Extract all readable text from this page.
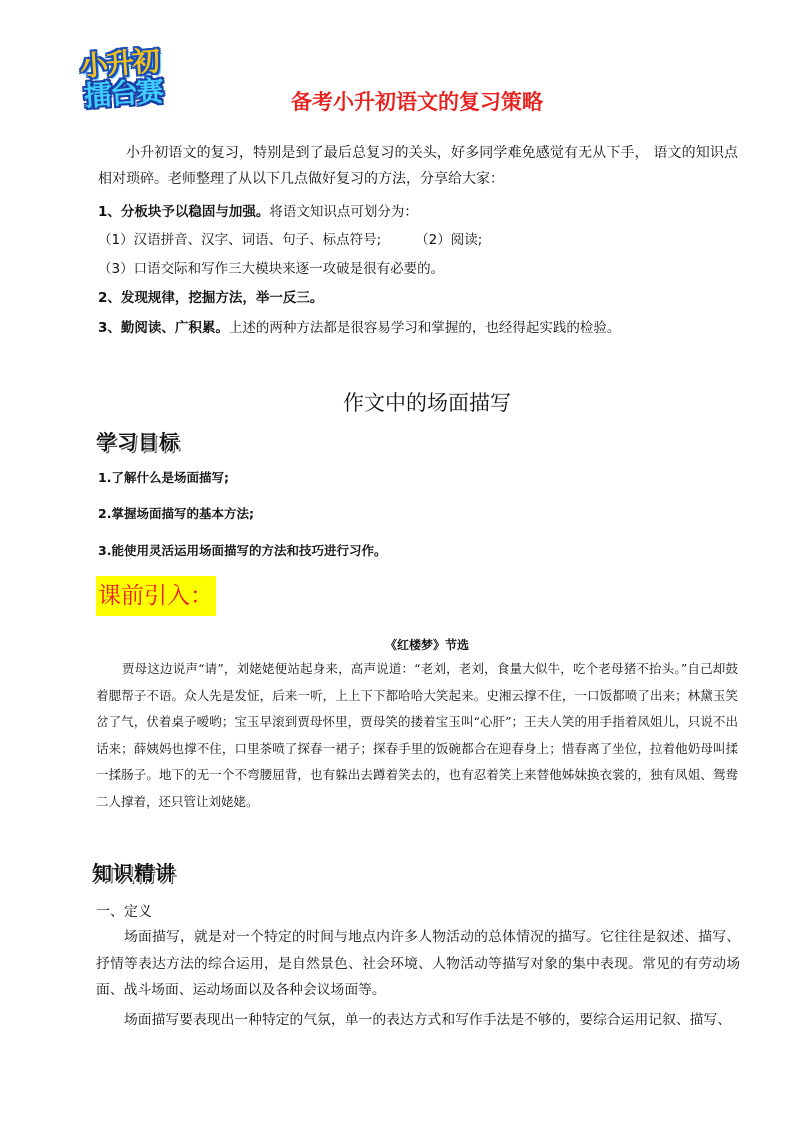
小升初
擂台赛	备考小升初语文的复习策略
小升初语文的复习，特别是到了最后总复习的关头，好多同学难免感觉有无从下手， 语文的知识点相对琐碎。老师整理了从以下几点做好复习的方法，分享给大家：
1、分板块予以稳固与加强。将语文知识点可划分为：
（1）汉语拼音、汉字、词语、句子、标点符号;	（2）阅读;
（3）口语交际和写作三大模块来逐一攻破是很有必要的。
2、发现规律，挖掘方法，举一反三。
3、勤阅读、广积累。上述的两种方法都是很容易学习和掌握的，也经得起实践的检验。
作文中的场面描写
学习目标
1.了解什么是场面描写;
2.掌握场面描写的基本方法;
3.能使用灵活运用场面描写的方法和技巧进行习作。
课前引入：
《红楼梦》节选
贾母这边说声“请”，刘姥姥便站起身来，高声说道：“老刘，老刘，食量大似牛，吃个老母猪不抬头。”自己却鼓着腮帮子不语。众人先是发怔，后来一听，上上下下都哈哈大笑起来。史湘云撑不住，一口饭都喷了出来；林黛玉笑岔了气，伏着桌子嗳哟；宝玉早滚到贾母怀里，贾母笑的搂着宝玉叫“心肝”；王夫人笑的用手指着凤姐儿，只说不出话来；薛姨妈也撑不住，口里茶喷了探春一裙子；探春手里的饭碗都合在迎春身上；惜春离了坐位，拉着他奶母叫揉一揉肠子。地下的无一个不弯腰屈背，也有躲出去蹲着笑去的，也有忍着笑上来替他姊妹换衣裳的，独有凤姐、鸳鸯二人撑着，还只管让刘姥姥。
知识精讲
一、定义
场面描写，就是对一个特定的时间与地点内许多人物活动的总体情况的描写。它往往是叙述、描写、抒情等表达方法的综合运用，是自然景色、社会环境、人物活动等描写对象的集中表现。常见的有劳动场面、战斗场面、运动场面以及各种会议场面等。
场面描写要表现出一种特定的气氛，单一的表达方式和写作手法是不够的，要综合运用记叙、描写、
